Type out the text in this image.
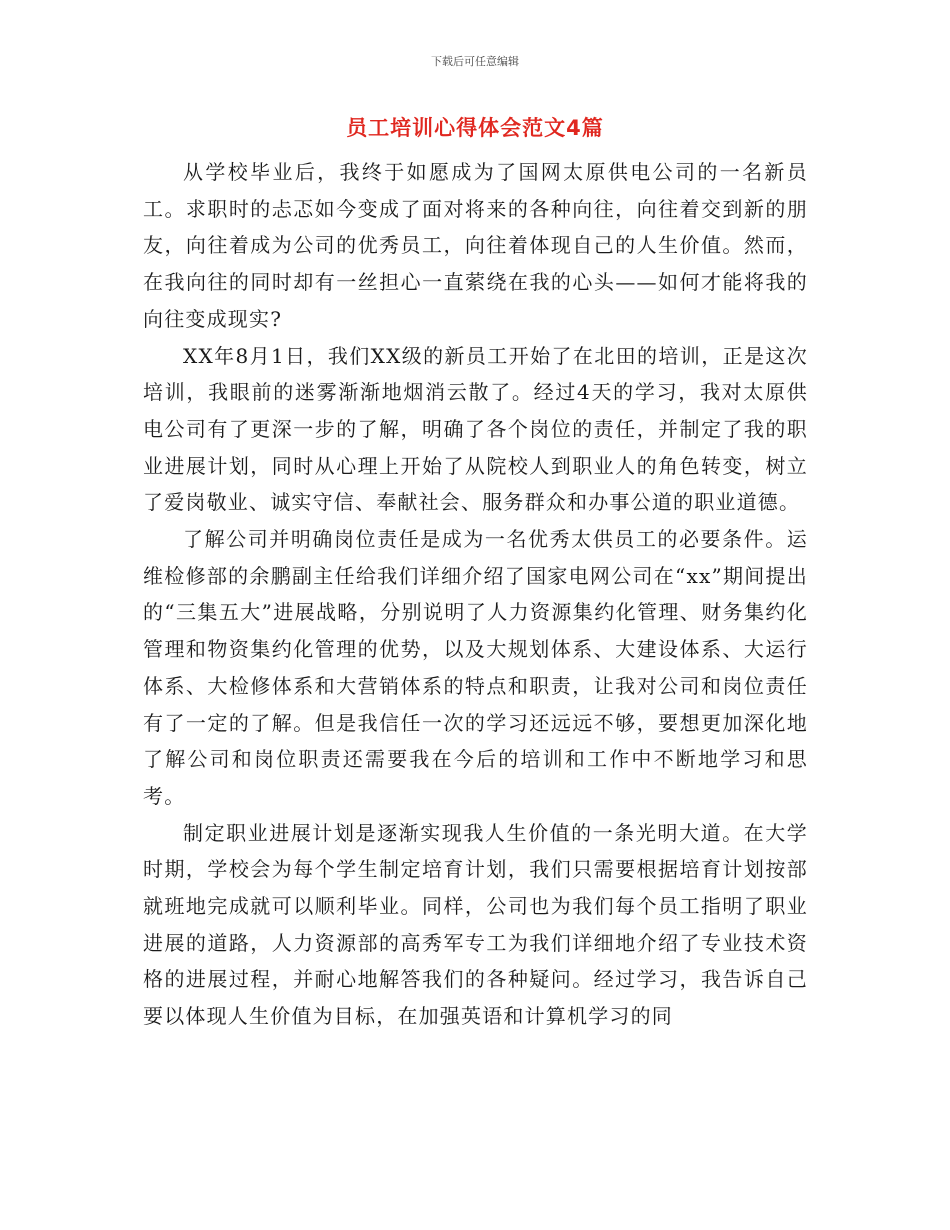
下载后可任意编辑
员工培训心得体会范文4篇

从学校毕业后，我终于如愿成为了国网太原供电公司的一名新员工。求职时的忐忑如今变成了面对将来的各种向往，向往着交到新的朋友，向往着成为公司的优秀员工，向往着体现自己的人生价值。然而，在我向往的同时却有一丝担心一直萦绕在我的心头——如何才能将我的向往变成现实?

XX年8月1日，我们XX级的新员工开始了在北田的培训，正是这次培训，我眼前的迷雾渐渐地烟消云散了。经过4天的学习，我对太原供电公司有了更深一步的了解，明确了各个岗位的责任，并制定了我的职业进展计划，同时从心理上开始了从院校人到职业人的角色转变，树立了爱岗敬业、诚实守信、奉献社会、服务群众和办事公道的职业道德。

了解公司并明确岗位责任是成为一名优秀太供员工的必要条件。运维检修部的余鹏副主任给我们详细介绍了国家电网公司在“xx”期间提出的“三集五大”进展战略，分别说明了人力资源集约化管理、财务集约化管理和物资集约化管理的优势，以及大规划体系、大建设体系、大运行体系、大检修体系和大营销体系的特点和职责，让我对公司和岗位责任有了一定的了解。但是我信任一次的学习还远远不够，要想更加深化地了解公司和岗位职责还需要我在今后的培训和工作中不断地学习和思考。

制定职业进展计划是逐渐实现我人生价值的一条光明大道。在大学时期，学校会为每个学生制定培育计划，我们只需要根据培育计划按部就班地完成就可以顺利毕业。同样，公司也为我们每个员工指明了职业进展的道路，人力资源部的高秀军专工为我们详细地介绍了专业技术资格的进展过程，并耐心地解答我们的各种疑问。经过学习，我告诉自己要以体现人生价值为目标，在加强英语和计算机学习的同
